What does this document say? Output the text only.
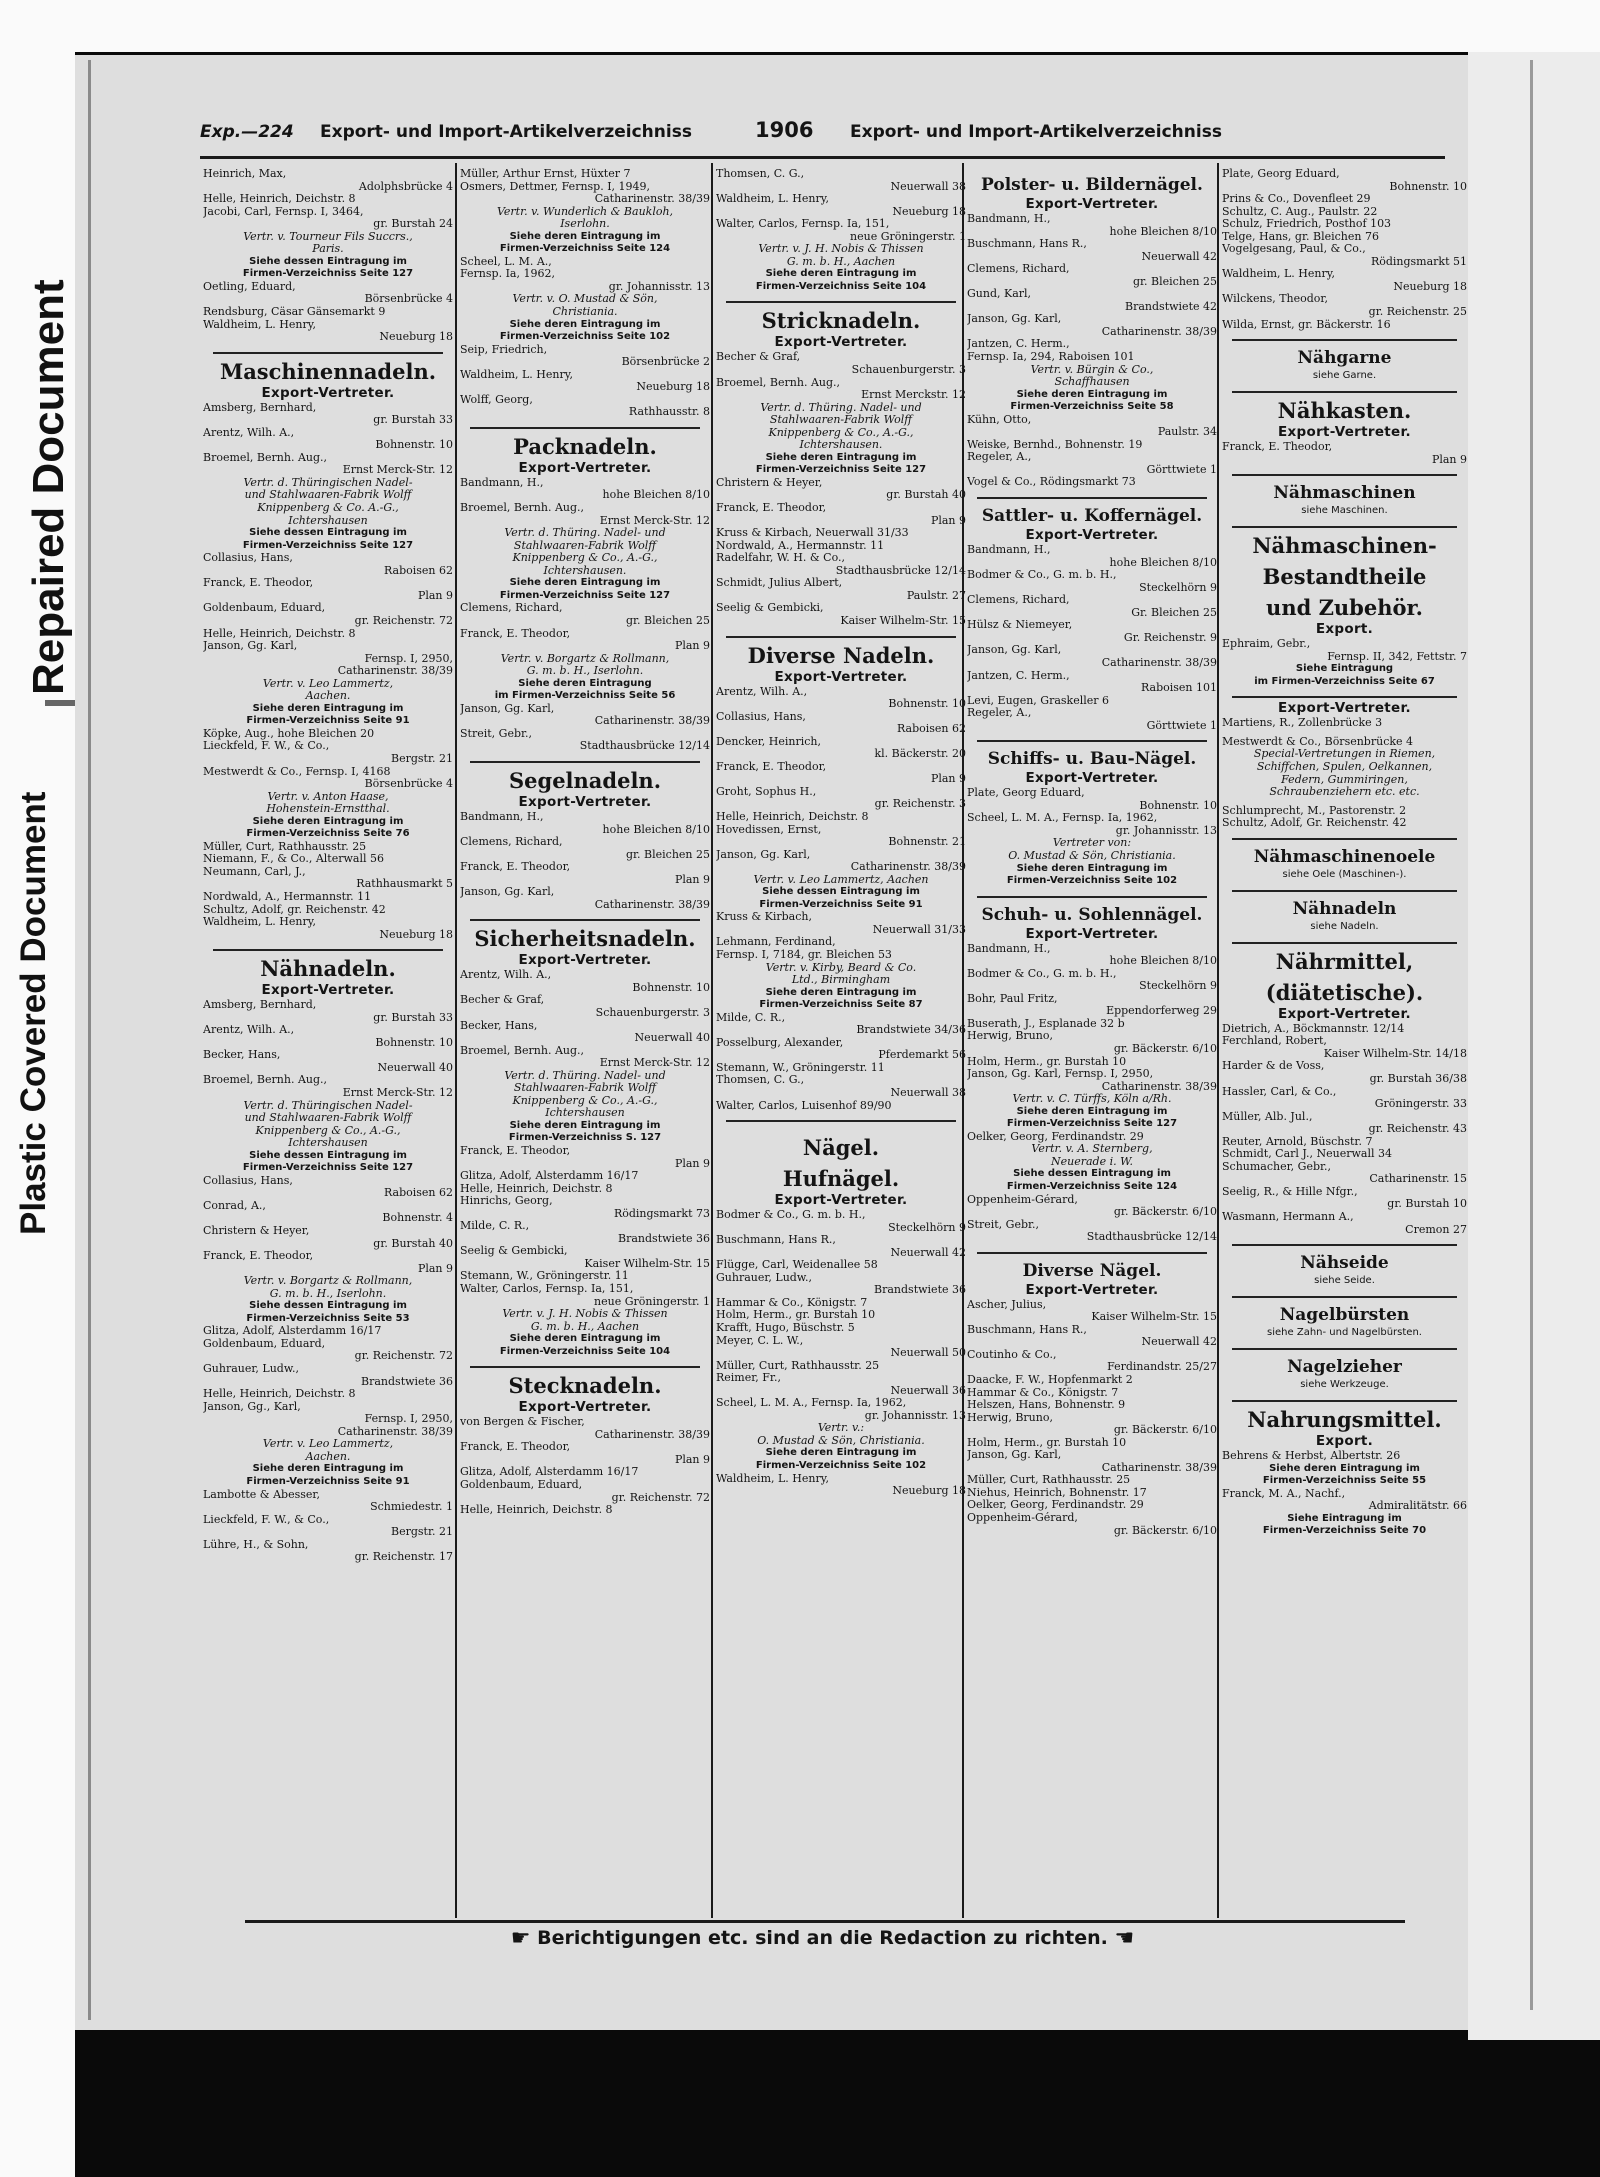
Plastic Covered Document
Repaired Document
Exp.—224	Export- und Import-Artikelverzeichniss	1906	Export- und Import-Artikelverzeichniss
Heinrich, Max,
Adolphsbrücke 4
Helle, Heinrich, Deichstr. 8
Jacobi, Carl, Fernsp. I, 3464,
gr. Burstah 24
Vertr. v. Tourneur Fils Succrs.,
Paris.
Siehe dessen Eintragung im
Firmen-Verzeichniss Seite 127
Oetling, Eduard,
Börsenbrücke 4
Rendsburg, Cäsar Gänsemarkt 9
Waldheim, L. Henry,
Neueburg 18
Maschinennadeln.
Export-Vertreter.
Amsberg, Bernhard,
gr. Burstah 33
Arentz, Wilh. A.,
Bohnenstr. 10
Broemel, Bernh. Aug.,
Ernst Merck-Str. 12
Vertr. d. Thüringischen Nadel-
und Stahlwaaren-Fabrik Wolff
Knippenberg & Co. A.-G.,
Ichtershausen
Siehe dessen Eintragung im
Firmen-Verzeichniss Seite 127
Collasius, Hans,
Raboisen 62
Franck, E. Theodor,
Plan 9
Goldenbaum, Eduard,
gr. Reichenstr. 72
Helle, Heinrich, Deichstr. 8
Janson, Gg. Karl,
Fernsp. I, 2950,
Catharinenstr. 38/39
Vertr. v. Leo Lammertz,
Aachen.
Siehe deren Eintragung im
Firmen-Verzeichniss Seite 91
Köpke, Aug., hohe Bleichen 20
Lieckfeld, F. W., & Co.,
Bergstr. 21
Mestwerdt & Co., Fernsp. I, 4168
Börsenbrücke 4
Vertr. v. Anton Haase,
Hohenstein-Ernstthal.
Siehe deren Eintragung im
Firmen-Verzeichniss Seite 76
Müller, Curt, Rathhausstr. 25
Niemann, F., & Co., Alterwall 56
Neumann, Carl, J.,
Rathhausmarkt 5
Nordwald, A., Hermannstr. 11
Schultz, Adolf, gr. Reichenstr. 42
Waldheim, L. Henry,
Neueburg 18
Nähnadeln.
Export-Vertreter.
Amsberg, Bernhard,
gr. Burstah 33
Arentz, Wilh. A.,
Bohnenstr. 10
Becker, Hans,
Neuerwall 40
Broemel, Bernh. Aug.,
Ernst Merck-Str. 12
Vertr. d. Thüringischen Nadel-
und Stahlwaaren-Fabrik Wolff
Knippenberg & Co., A.-G.,
Ichtershausen
Siehe dessen Eintragung im
Firmen-Verzeichniss Seite 127
Collasius, Hans,
Raboisen 62
Conrad, A.,
Bohnenstr. 4
Christern & Heyer,
gr. Burstah 40
Franck, E. Theodor,
Plan 9
Vertr. v. Borgartz & Rollmann,
G. m. b. H., Iserlohn.
Siehe dessen Eintragung im
Firmen-Verzeichniss Seite 53
Glitza, Adolf, Alsterdamm 16/17
Goldenbaum, Eduard,
gr. Reichenstr. 72
Guhrauer, Ludw.,
Brandstwiete 36
Helle, Heinrich, Deichstr. 8
Janson, Gg., Karl,
Fernsp. I, 2950,
Catharinenstr. 38/39
Vertr. v. Leo Lammertz,
Aachen.
Siehe deren Eintragung im
Firmen-Verzeichniss Seite 91
Lambotte & Abesser,
Schmiedestr. 1
Lieckfeld, F. W., & Co.,
Bergstr. 21
Lühre, H., & Sohn,
gr. Reichenstr. 17
Müller, Arthur Ernst, Hüxter 7
Osmers, Dettmer, Fernsp. I, 1949,
Catharinenstr. 38/39
Vertr. v. Wunderlich & Baukloh,
Iserlohn.
Siehe deren Eintragung im
Firmen-Verzeichniss Seite 124
Scheel, L. M. A.,
Fernsp. Ia, 1962,
gr. Johannisstr. 13
Vertr. v. O. Mustad & Sön,
Christiania.
Siehe deren Eintragung im
Firmen-Verzeichniss Seite 102
Seip, Friedrich,
Börsenbrücke 2
Waldheim, L. Henry,
Neueburg 18
Wolff, Georg,
Rathhausstr. 8
Packnadeln.
Export-Vertreter.
Bandmann, H.,
hohe Bleichen 8/10
Broemel, Bernh. Aug.,
Ernst Merck-Str. 12
Vertr. d. Thüring. Nadel- und
Stahlwaaren-Fabrik Wolff
Knippenberg & Co., A.-G.,
Ichtershausen.
Siehe deren Eintragung im
Firmen-Verzeichniss Seite 127
Clemens, Richard,
gr. Bleichen 25
Franck, E. Theodor,
Plan 9
Vertr. v. Borgartz & Rollmann,
G. m. b. H., Iserlohn.
Siehe deren Eintragung
im Firmen-Verzeichniss Seite 56
Janson, Gg. Karl,
Catharinenstr. 38/39
Streit, Gebr.,
Stadthausbrücke 12/14
Segelnadeln.
Export-Vertreter.
Bandmann, H.,
hohe Bleichen 8/10
Clemens, Richard,
gr. Bleichen 25
Franck, E. Theodor,
Plan 9
Janson, Gg. Karl,
Catharinenstr. 38/39
Sicherheitsnadeln.
Export-Vertreter.
Arentz, Wilh. A.,
Bohnenstr. 10
Becher & Graf,
Schauenburgerstr. 3
Becker, Hans,
Neuerwall 40
Broemel, Bernh. Aug.,
Ernst Merck-Str. 12
Vertr. d. Thüring. Nadel- und
Stahlwaaren-Fabrik Wolff
Knippenberg & Co., A.-G.,
Ichtershausen
Siehe deren Eintragung im
Firmen-Verzeichniss S. 127
Franck, E. Theodor,
Plan 9
Glitza, Adolf, Alsterdamm 16/17
Helle, Heinrich, Deichstr. 8
Hinrichs, Georg,
Rödingsmarkt 73
Milde, C. R.,
Brandstwiete 36
Seelig & Gembicki,
Kaiser Wilhelm-Str. 15
Stemann, W., Gröningerstr. 11
Walter, Carlos, Fernsp. Ia, 151,
neue Gröningerstr. 1
Vertr. v. J. H. Nobis & Thissen
G. m. b. H., Aachen
Siehe deren Eintragung im
Firmen-Verzeichniss Seite 104
Stecknadeln.
Export-Vertreter.
von Bergen & Fischer,
Catharinenstr. 38/39
Franck, E. Theodor,
Plan 9
Glitza, Adolf, Alsterdamm 16/17
Goldenbaum, Eduard,
gr. Reichenstr. 72
Helle, Heinrich, Deichstr. 8
Thomsen, C. G.,
Neuerwall 38
Waldheim, L. Henry,
Neueburg 18
Walter, Carlos, Fernsp. Ia, 151,
neue Gröningerstr. 1
Vertr. v. J. H. Nobis & Thissen
G. m. b. H., Aachen
Siehe deren Eintragung im
Firmen-Verzeichniss Seite 104
Stricknadeln.
Export-Vertreter.
Becher & Graf,
Schauenburgerstr. 3
Broemel, Bernh. Aug.,
Ernst Merckstr. 12
Vertr. d. Thüring. Nadel- und
Stahlwaaren-Fabrik Wolff
Knippenberg & Co., A.-G.,
Ichtershausen.
Siehe deren Eintragung im
Firmen-Verzeichniss Seite 127
Christern & Heyer,
gr. Burstah 40
Franck, E. Theodor,
Plan 9
Kruss & Kirbach, Neuerwall 31/33
Nordwald, A., Hermannstr. 11
Radelfahr, W. H. & Co.,
Stadthausbrücke 12/14
Schmidt, Julius Albert,
Paulstr. 27
Seelig & Gembicki,
Kaiser Wilhelm-Str. 15
Diverse Nadeln.
Export-Vertreter.
Arentz, Wilh. A.,
Bohnenstr. 10
Collasius, Hans,
Raboisen 62
Dencker, Heinrich,
kl. Bäckerstr. 20
Franck, E. Theodor,
Plan 9
Groht, Sophus H.,
gr. Reichenstr. 3
Helle, Heinrich, Deichstr. 8
Hovedissen, Ernst,
Bohnenstr. 21
Janson, Gg. Karl,
Catharinenstr. 38/39
Vertr. v. Leo Lammertz, Aachen
Siehe dessen Eintragung im
Firmen-Verzeichniss Seite 91
Kruss & Kirbach,
Neuerwall 31/33
Lehmann, Ferdinand,
Fernsp. I, 7184, gr. Bleichen 53
Vertr. v. Kirby, Beard & Co.
Ltd., Birmingham
Siehe deren Eintragung im
Firmen-Verzeichniss Seite 87
Milde, C. R.,
Brandstwiete 34/36
Posselburg, Alexander,
Pferdemarkt 56
Stemann, W., Gröningerstr. 11
Thomsen, C. G.,
Neuerwall 38
Walter, Carlos, Luisenhof 89/90
Nägel.
Hufnägel.
Export-Vertreter.
Bodmer & Co., G. m. b. H.,
Steckelhörn 9
Buschmann, Hans R.,
Neuerwall 42
Flügge, Carl, Weidenallee 58
Guhrauer, Ludw.,
Brandstwiete 36
Hammar & Co., Königstr. 7
Holm, Herm., gr. Burstah 10
Krafft, Hugo, Büschstr. 5
Meyer, C. L. W.,
Neuerwall 50
Müller, Curt, Rathhausstr. 25
Reimer, Fr.,
Neuerwall 36
Scheel, L. M. A., Fernsp. Ia, 1962,
gr. Johannisstr. 13
Vertr. v.:
O. Mustad & Sön, Christiania.
Siehe deren Eintragung im
Firmen-Verzeichniss Seite 102
Waldheim, L. Henry,
Neueburg 18
Polster- u. Bildernägel.
Export-Vertreter.
Bandmann, H.,
hohe Bleichen 8/10
Buschmann, Hans R.,
Neuerwall 42
Clemens, Richard,
gr. Bleichen 25
Gund, Karl,
Brandstwiete 42
Janson, Gg. Karl,
Catharinenstr. 38/39
Jantzen, C. Herm.,
Fernsp. Ia, 294, Raboisen 101
Vertr. v. Bürgin & Co.,
Schaffhausen
Siehe deren Eintragung im
Firmen-Verzeichniss Seite 58
Kühn, Otto,
Paulstr. 34
Weiske, Bernhd., Bohnenstr. 19
Regeler, A.,
Görttwiete 1
Vogel & Co., Rödingsmarkt 73
Sattler- u. Koffernägel.
Export-Vertreter.
Bandmann, H.,
hohe Bleichen 8/10
Bodmer & Co., G. m. b. H.,
Steckelhörn 9
Clemens, Richard,
Gr. Bleichen 25
Hülsz & Niemeyer,
Gr. Reichenstr. 9
Janson, Gg. Karl,
Catharinenstr. 38/39
Jantzen, C. Herm.,
Raboisen 101
Levi, Eugen, Graskeller 6
Regeler, A.,
Görttwiete 1
Schiffs- u. Bau-Nägel.
Export-Vertreter.
Plate, Georg Eduard,
Bohnenstr. 10
Scheel, L. M. A., Fernsp. Ia, 1962,
gr. Johannisstr. 13
Vertreter von:
O. Mustad & Sön, Christiania.
Siehe deren Eintragung im
Firmen-Verzeichniss Seite 102
Schuh- u. Sohlennägel.
Export-Vertreter.
Bandmann, H.,
hohe Bleichen 8/10
Bodmer & Co., G. m. b. H.,
Steckelhörn 9
Bohr, Paul Fritz,
Eppendorferweg 29
Buserath, J., Esplanade 32 b
Herwig, Bruno,
gr. Bäckerstr. 6/10
Holm, Herm., gr. Burstah 10
Janson, Gg. Karl, Fernsp. I, 2950,
Catharinenstr. 38/39
Vertr. v. C. Türffs, Köln a/Rh.
Siehe deren Eintragung im
Firmen-Verzeichniss Seite 127
Oelker, Georg, Ferdinandstr. 29
Vertr. v. A. Sternberg,
Neuerade i. W.
Siehe dessen Eintragung im
Firmen-Verzeichniss Seite 124
Oppenheim-Gérard,
gr. Bäckerstr. 6/10
Streit, Gebr.,
Stadthausbrücke 12/14
Diverse Nägel.
Export-Vertreter.
Ascher, Julius,
Kaiser Wilhelm-Str. 15
Buschmann, Hans R.,
Neuerwall 42
Coutinho & Co.,
Ferdinandstr. 25/27
Daacke, F. W., Hopfenmarkt 2
Hammar & Co., Königstr. 7
Helszen, Hans, Bohnenstr. 9
Herwig, Bruno,
gr. Bäckerstr. 6/10
Holm, Herm., gr. Burstah 10
Janson, Gg. Karl,
Catharinenstr. 38/39
Müller, Curt, Rathhausstr. 25
Niehus, Heinrich, Bohnenstr. 17
Oelker, Georg, Ferdinandstr. 29
Oppenheim-Gérard,
gr. Bäckerstr. 6/10
Plate, Georg Eduard,
Bohnenstr. 10
Prins & Co., Dovenfleet 29
Schultz, C. Aug., Paulstr. 22
Schulz, Friedrich, Posthof 103
Telge, Hans, gr. Bleichen 76
Vogelgesang, Paul, & Co.,
Rödingsmarkt 51
Waldheim, L. Henry,
Neueburg 18
Wilckens, Theodor,
gr. Reichenstr. 25
Wilda, Ernst, gr. Bäckerstr. 16
Nähgarne
siehe Garne.
Nähkasten.
Export-Vertreter.
Franck, E. Theodor,
Plan 9
Nähmaschinen
siehe Maschinen.
Nähmaschinen-
Bestandtheile
und Zubehör.
Export.
Ephraim, Gebr.,
Fernsp. II, 342, Fettstr. 7
Siehe Eintragung
im Firmen-Verzeichniss Seite 67
Export-Vertreter.
Martiens, R., Zollenbrücke 3
Mestwerdt & Co., Börsenbrücke 4
Special-Vertretungen in Riemen,
Schiffchen, Spulen, Oelkannen,
Federn, Gummiringen,
Schraubenziehern etc. etc.
Schlumprecht, M., Pastorenstr. 2
Schultz, Adolf, Gr. Reichenstr. 42
Nähmaschinenoele
siehe Oele (Maschinen-).
Nähnadeln
siehe Nadeln.
Nährmittel,
(diätetische).
Export-Vertreter.
Dietrich, A., Böckmannstr. 12/14
Ferchland, Robert,
Kaiser Wilhelm-Str. 14/18
Harder & de Voss,
gr. Burstah 36/38
Hassler, Carl, & Co.,
Gröningerstr. 33
Müller, Alb. Jul.,
gr. Reichenstr. 43
Reuter, Arnold, Büschstr. 7
Schmidt, Carl J., Neuerwall 34
Schumacher, Gebr.,
Catharinenstr. 15
Seelig, R., & Hille Nfgr.,
gr. Burstah 10
Wasmann, Hermann A.,
Cremon 27
Nähseide
siehe Seide.
Nagelbürsten
siehe Zahn- und Nagelbürsten.
Nagelzieher
siehe Werkzeuge.
Nahrungsmittel.
Export.
Behrens & Herbst, Albertstr. 26
Siehe deren Eintragung im
Firmen-Verzeichniss Seite 55
Franck, M. A., Nachf.,
Admiralitätstr. 66
Siehe Eintragung im
Firmen-Verzeichniss Seite 70
☛ Berichtigungen etc. sind an die Redaction zu richten. ☚
